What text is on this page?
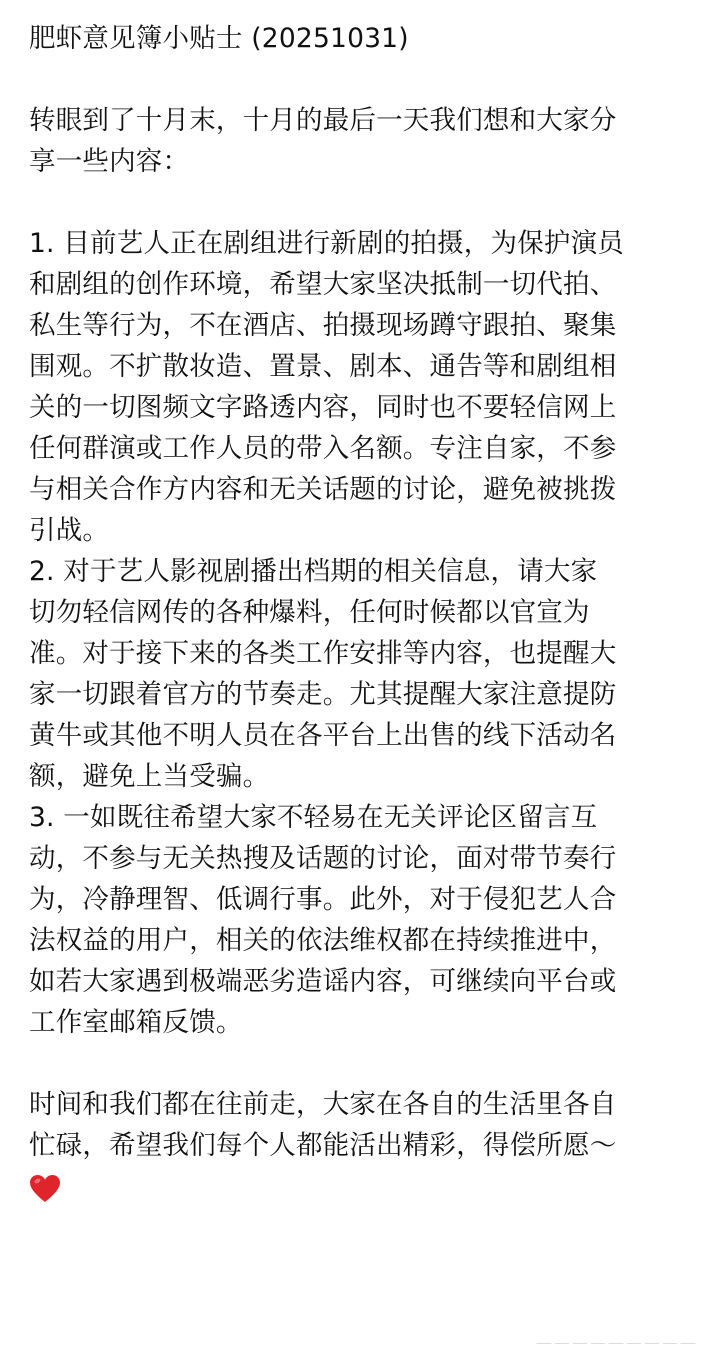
肥虾意见簿小贴士 (20251031)
转眼到了十月末，十月的最后一天我们想和大家分
享一些内容：
1. 目前艺人正在剧组进行新剧的拍摄，为保护演员
和剧组的创作环境，希望大家坚决抵制一切代拍、
私生等行为，不在酒店、拍摄现场蹲守跟拍、聚集
围观。不扩散妆造、置景、剧本、通告等和剧组相
关的一切图频文字路透内容，同时也不要轻信网上
任何群演或工作人员的带入名额。专注自家，不参
与相关合作方内容和无关话题的讨论，避免被挑拨
引战。
2. 对于艺人影视剧播出档期的相关信息，请大家
切勿轻信网传的各种爆料，任何时候都以官宣为
准。对于接下来的各类工作安排等内容，也提醒大
家一切跟着官方的节奏走。尤其提醒大家注意提防
黄牛或其他不明人员在各平台上出售的线下活动名
额，避免上当受骗。
3. 一如既往希望大家不轻易在无关评论区留言互
动，不参与无关热搜及话题的讨论，面对带节奏行
为，冷静理智、低调行事。此外，对于侵犯艺人合
法权益的用户，相关的依法维权都在持续推进中，
如若大家遇到极端恶劣造谣内容，可继续向平台或
工作室邮箱反馈。
时间和我们都在往前走，大家在各自的生活里各自
忙碌，希望我们每个人都能活出精彩，得偿所愿～
